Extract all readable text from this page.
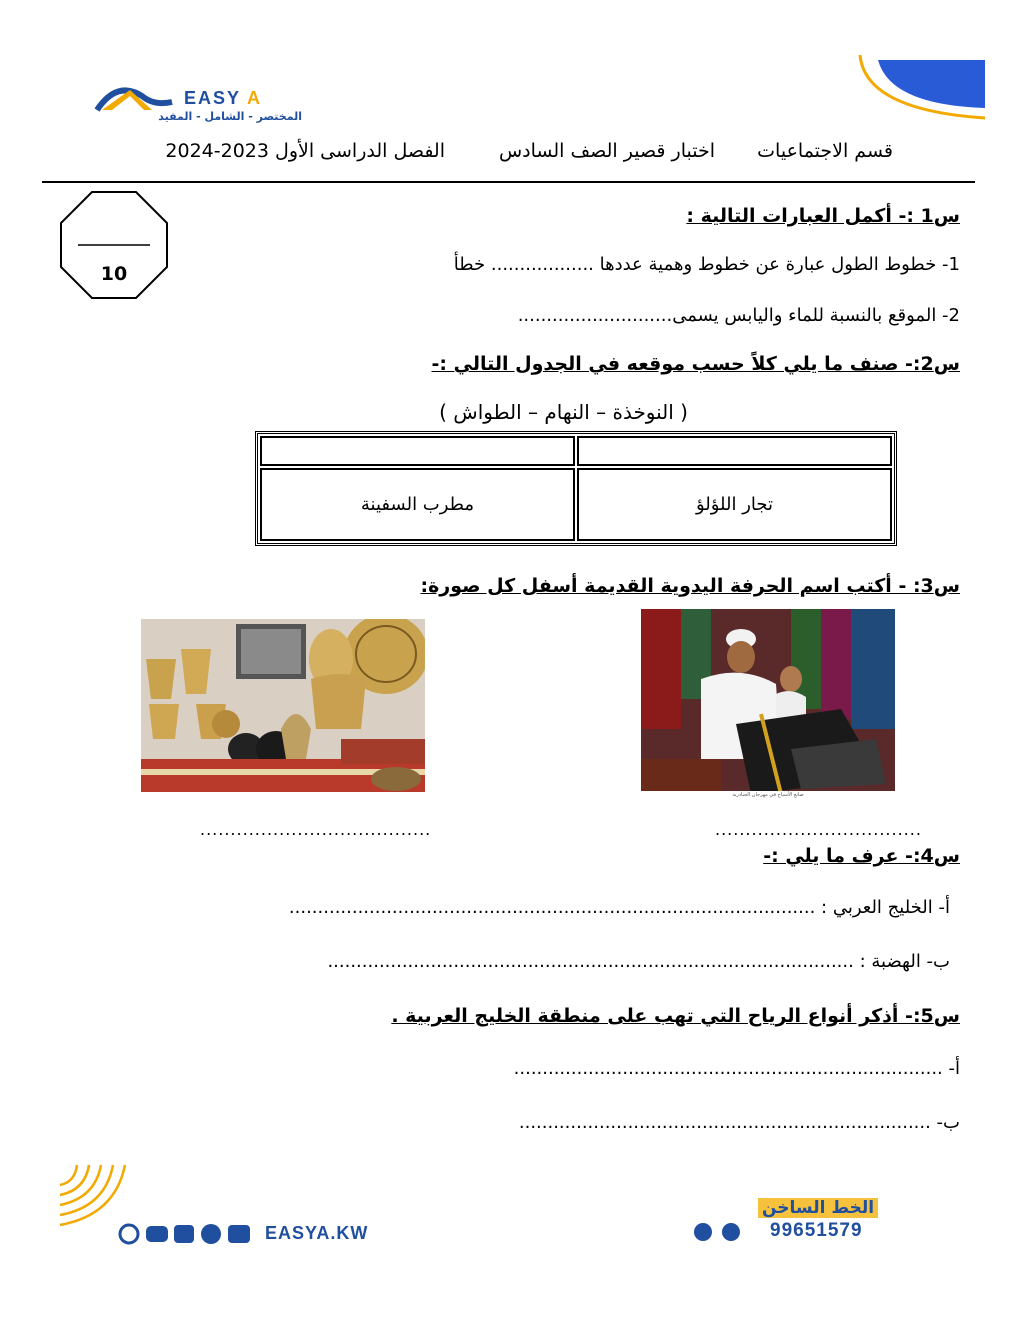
EASY A
المختصر - الشامل - المفيد
قسم الاجتماعيات
اختبار قصير الصف السادس
الفصل الدراسى الأول 2023-2024
10
س1 :- أكمل العبارات التالية :
1- خطوط الطول عبارة عن خطوط وهمية عددها .................. خطأ
2- الموقع بالنسبة للماء واليابس يسمى...........................
س2:- صنف ما يلي كلاً حسب موقعه في الجدول التالي :-
( النوخذة – النهام – الطواش )

مطرب السفينة	تجار اللؤلؤ
س3: - أكتب اسم الحرفة اليدوية القديمة أسفل كل صورة:
صانع الأسياح في مهرجان الجنادرية
......................................	..................................
س4:- عرف ما يلي :-
أ- الخليج العربي : ............................................................................................
ب- الهضبة : ............................................................................................
س5:- أذكر أنواع الرياح التي تهب على منطقة الخليج العربية .
أ- ...........................................................................
ب- ........................................................................
EASYA.KW
الخط الساخن
99651579
